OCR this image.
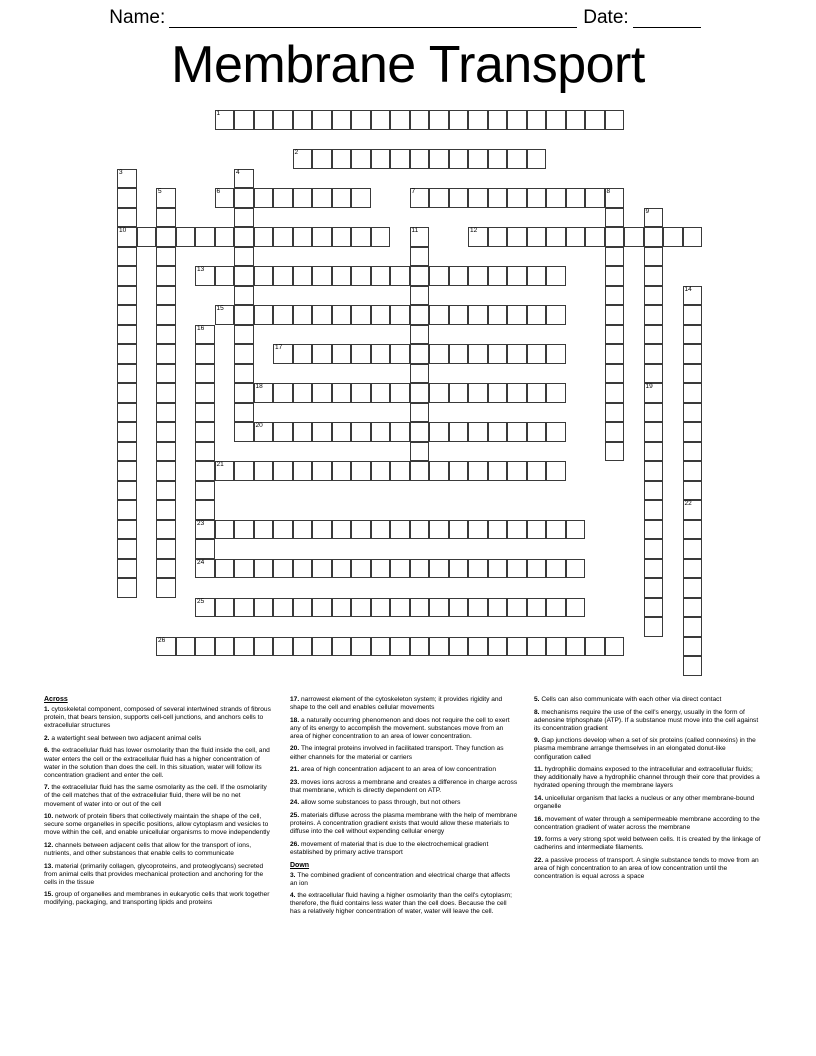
Name:	Date:
Membrane Transport
1
2
3
10
4
5	6	7	8
9
19
11	12
13
14
22
15
16
23
24
17
18
20
21
25
26
Across

1. cytoskeletal component, composed of several intertwined strands of fibrous protein, that bears tension, supports cell-cell junctions, and anchors cells to extracellular structures

2. a watertight seal between two adjacent animal cells

6. the extracellular fluid has lower osmolarity than the fluid inside the cell, and water enters the cell or the extracellular fluid has a higher concentration of water in the solution than does the cell. In this situation, water will follow its concentration gradient and enter the cell.

7. the extracellular fluid has the same osmolarity as the cell. If the osmolarity of the cell matches that of the extracellular fluid, there will be no net movement of water into or out of the cell

10. network of protein fibers that collectively maintain the shape of the cell, secure some organelles in specific positions, allow cytoplasm and vesicles to move within the cell, and enable unicellular organisms to move independently

12. channels between adjacent cells that allow for the transport of ions, nutrients, and other substances that enable cells to communicate

13. material (primarily collagen, glycoproteins, and proteoglycans) secreted from animal cells that provides mechanical protection and anchoring for the cells in the tissue

15. group of organelles and membranes in eukaryotic cells that work together modifying, packaging, and transporting lipids and proteins

17. narrowest element of the cytoskeleton system; it provides rigidity and shape to the cell and enables cellular movements

18. a naturally occurring phenomenon and does not require the cell to exert any of its energy to accomplish the movement. substances move from an area of higher concentration to an area of lower concentration.

20. The integral proteins involved in facilitated transport. They function as either channels for the material or carriers

21. area of high concentration adjacent to an area of low concentration

23. moves ions across a membrane and creates a difference in charge across that membrane, which is directly dependent on ATP.

24. allow some substances to pass through, but not others

25. materials diffuse across the plasma membrane with the help of membrane proteins. A concentration gradient exists that would allow these materials to diffuse into the cell without expending cellular energy

26. movement of material that is due to the electrochemical gradient established by primary active transport

Down

3. The combined gradient of concentration and electrical charge that affects an ion

4. the extracellular fluid having a higher osmolarity than the cell's cytoplasm; therefore, the fluid contains less water than the cell does. Because the cell has a relatively higher concentration of water, water will leave the cell.

5. Cells can also communicate with each other via direct contact

8. mechanisms require the use of the cell's energy, usually in the form of adenosine triphosphate (ATP). If a substance must move into the cell against its concentration gradient

9. Gap junctions develop when a set of six proteins (called connexins) in the plasma membrane arrange themselves in an elongated donut-like configuration called

11. hydrophilic domains exposed to the intracellular and extracellular fluids; they additionally have a hydrophilic channel through their core that provides a hydrated opening through the membrane layers

14. unicellular organism that lacks a nucleus or any other membrane-bound organelle

16. movement of water through a semipermeable membrane according to the concentration gradient of water across the membrane

19. forms a very strong spot weld between cells. It is created by the linkage of cadherins and intermediate filaments.

22. a passive process of transport. A single substance tends to move from an area of high concentration to an area of low concentration until the concentration is equal across a space
